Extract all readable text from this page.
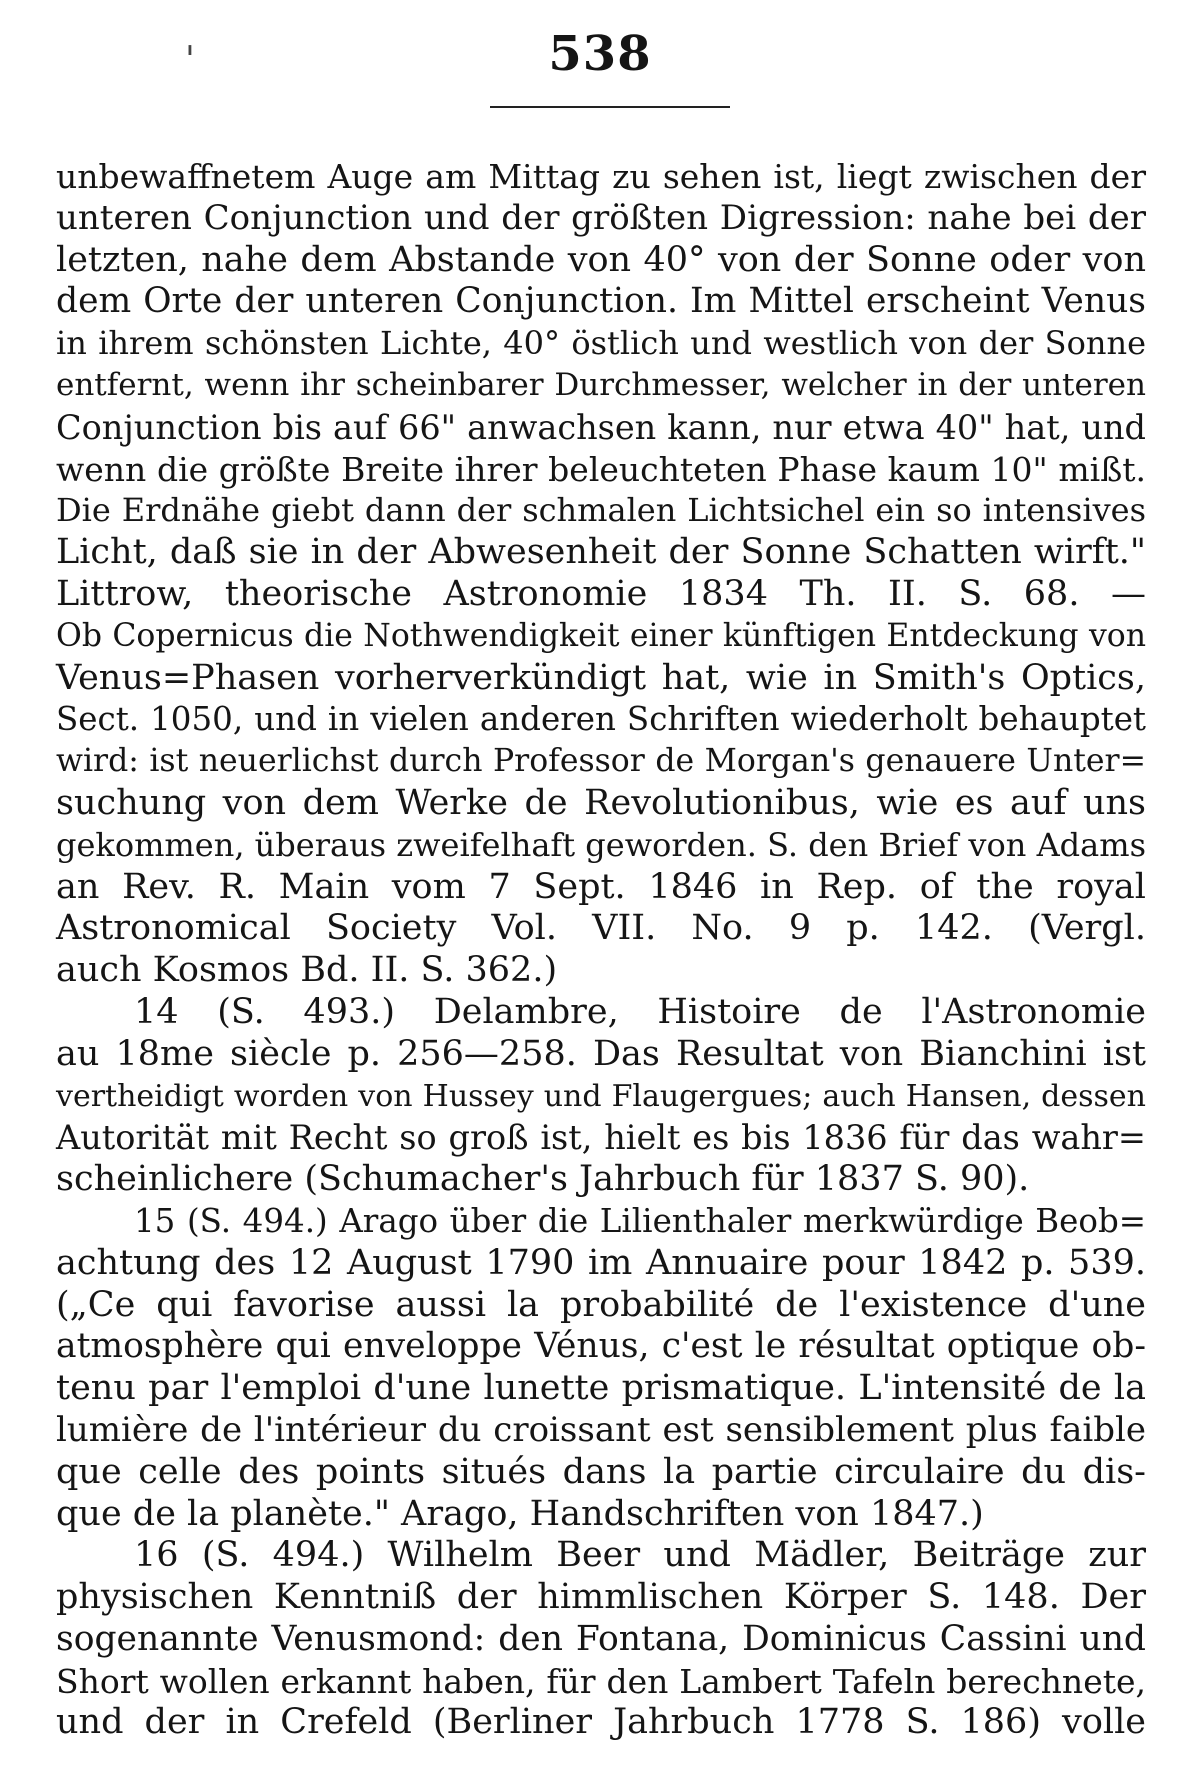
'	538
unbewaffnetem Auge am Mittag zu sehen ist, liegt zwischen der
unteren Conjunction und der größten Digression: nahe bei der
letzten, nahe dem Abstande von 40° von der Sonne oder von
dem Orte der unteren Conjunction. Im Mittel erscheint Venus
in ihrem schönsten Lichte, 40° östlich und westlich von der Sonne
entfernt, wenn ihr scheinbarer Durchmesser, welcher in der unteren
Conjunction bis auf 66" anwachsen kann, nur etwa 40" hat, und
wenn die größte Breite ihrer beleuchteten Phase kaum 10" mißt.
Die Erdnähe giebt dann der schmalen Lichtsichel ein so intensives
Licht, daß sie in der Abwesenheit der Sonne Schatten wirft."
Littrow, theorische Astronomie 1834 Th. II. S. 68. —
Ob Copernicus die Nothwendigkeit einer künftigen Entdeckung von
Venus=Phasen vorherverkündigt hat, wie in Smith's Optics,
Sect. 1050, und in vielen anderen Schriften wiederholt behauptet
wird: ist neuerlichst durch Professor de Morgan's genauere Unter=
suchung von dem Werke de Revolutionibus, wie es auf uns
gekommen, überaus zweifelhaft geworden. S. den Brief von Adams
an Rev. R. Main vom 7 Sept. 1846 in Rep. of the royal
Astronomical Society Vol. VII. No. 9 p. 142. (Vergl.
auch Kosmos Bd. II. S. 362.)
14 (S. 493.) Delambre, Histoire de l'Astronomie
au 18me siècle p. 256—258. Das Resultat von Bianchini ist
vertheidigt worden von Hussey und Flaugergues; auch Hansen, dessen
Autorität mit Recht so groß ist, hielt es bis 1836 für das wahr=
scheinlichere (Schumacher's Jahrbuch für 1837 S. 90).
15 (S. 494.) Arago über die Lilienthaler merkwürdige Beob=
achtung des 12 August 1790 im Annuaire pour 1842 p. 539.
(„Ce qui favorise aussi la probabilité de l'existence d'une
atmosphère qui enveloppe Vénus, c'est le résultat optique ob-
tenu par l'emploi d'une lunette prismatique. L'intensité de la
lumière de l'intérieur du croissant est sensiblement plus faible
que celle des points situés dans la partie circulaire du dis-
que de la planète." Arago, Handschriften von 1847.)
16 (S. 494.) Wilhelm Beer und Mädler, Beiträge zur
physischen Kenntniß der himmlischen Körper S. 148. Der
sogenannte Venusmond: den Fontana, Dominicus Cassini und
Short wollen erkannt haben, für den Lambert Tafeln berechnete,
und der in Crefeld (Berliner Jahrbuch 1778 S. 186) volle
